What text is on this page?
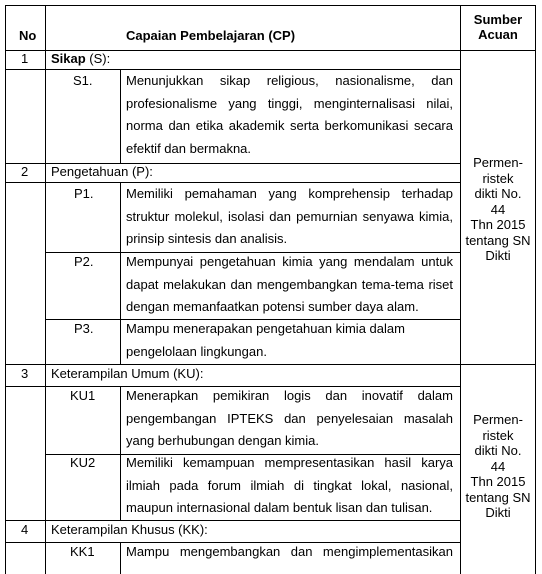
No	Capaian Pembelajaran (CP)
Sumber
Acuan
1 Sikap (S):
S1.	Menunjukkan sikap religious, nasionalisme, dan
profesionalisme yang tinggi, menginternalisasi nilai,
norma dan etika akademik serta berkomunikasi secara
efektif dan bermakna.
2 Pengetahuan (P):
P1. Memiliki pemahaman yang komprehensip terhadap
struktur molekul, isolasi dan pemurnian senyawa kimia,
prinsip sintesis dan analisis.
P2. Mempunyai pengetahuan kimia yang mendalam untuk
dapat melakukan dan mengembangkan tema-tema riset
dengan memanfaatkan potensi sumber daya alam.
P3. Mampu menerapakan pengetahuan kimia dalam
pengelolaan lingkungan.
Permen-
ristek
dikti No.
44
Thn 2015
tentang SN
Dikti
3 Keterampilan Umum (KU):
KU1 Menerapkan pemikiran logis dan inovatif dalam
pengembangan IPTEKS dan penyelesaian masalah
yang berhubungan dengan kimia.
KU2 Memiliki kemampuan mempresentasikan hasil karya
ilmiah pada forum ilmiah di tingkat lokal, nasional,
maupun internasional dalam bentuk lisan dan tulisan.
Permen-
ristek
dikti No.
44
Thn 2015
tentang SN
Dikti
4 Keterampilan Khusus (KK):
KK1 Mampu mengembangkan dan mengimplementasikan
